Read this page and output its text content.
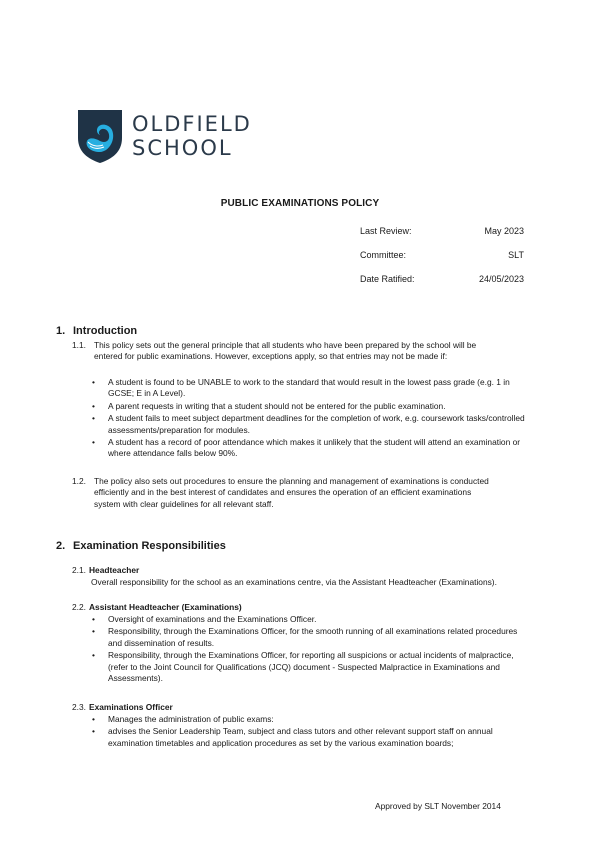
OLDFIELD
SCHOOL
PUBLIC EXAMINATIONS POLICY
Last Review:	May 2023
Committee:	SLT
Date Ratified:	24/05/2023
1. Introduction
1.1. This policy sets out the general principle that all students who have been prepared by the school will be
entered for public examinations. However, exceptions apply, so that entries may not be made if:
• A student is found to be UNABLE to work to the standard that would result in the lowest pass grade (e.g. 1 in GCSE; E in A Level).
• A parent requests in writing that a student should not be entered for the public examination.
• A student fails to meet subject department deadlines for the completion of work, e.g. coursework tasks/controlled assessments/preparation for modules.
• A student has a record of poor attendance which makes it unlikely that the student will attend an examination or where attendance falls below 90%.
1.2. The policy also sets out procedures to ensure the planning and management of examinations is conducted
efficiently and in the best interest of candidates and ensures the operation of an efficient examinations
system with clear guidelines for all relevant staff.
2. Examination Responsibilities
2.1. Headteacher
Overall responsibility for the school as an examinations centre, via the Assistant Headteacher (Examinations).
2.2. Assistant Headteacher (Examinations)
• Oversight of examinations and the Examinations Officer.
• Responsibility, through the Examinations Officer, for the smooth running of all examinations related procedures and dissemination of results.
• Responsibility, through the Examinations Officer, for reporting all suspicions or actual incidents of malpractice, (refer to the Joint Council for Qualifications (JCQ) document - Suspected Malpractice in Examinations and Assessments).
2.3. Examinations Officer
• Manages the administration of public exams:
• advises the Senior Leadership Team, subject and class tutors and other relevant support staff on annual examination timetables and application procedures as set by the various examination boards;
Approved by SLT November 2014
